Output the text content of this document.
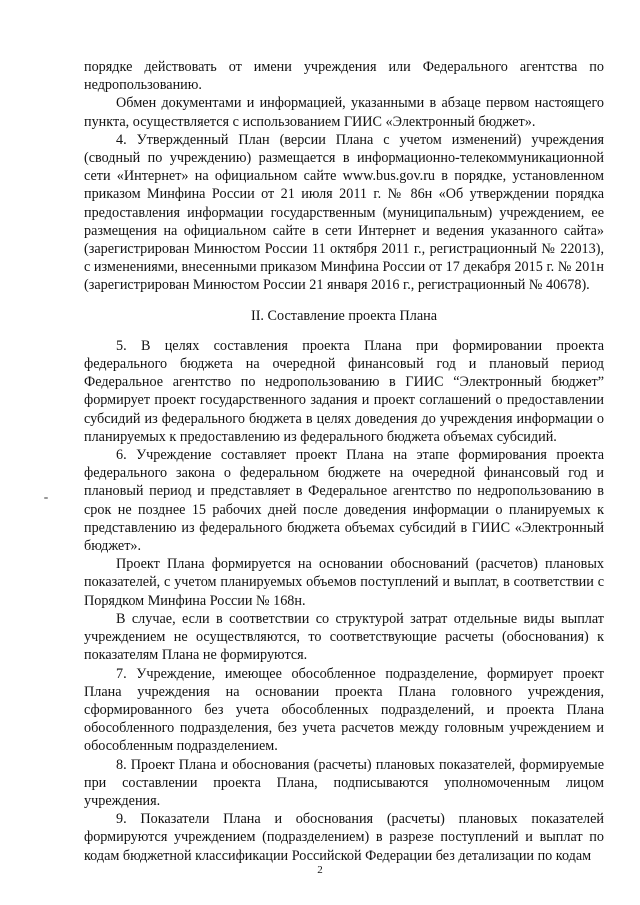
порядке действовать от имени учреждения или Федерального агентства по недропользованию.

Обмен документами и информацией, указанными в абзаце первом настоящего пункта, осуществляется с использованием ГИИС «Электронный бюджет».

4. Утвержденный План (версии Плана с учетом изменений) учреждения (сводный по учреждению) размещается в информационно-телекоммуникационной сети «Интернет» на официальном сайте www.bus.gov.ru в порядке, установленном приказом Минфина России от 21 июля 2011 г. № 86н «Об утверждении порядка предоставления информации государственным (муниципальным) учреждением, ее размещения на официальном сайте в сети Интернет и ведения указанного сайта» (зарегистрирован Минюстом России 11 октября 2011 г., регистрационный № 22013), с изменениями, внесенными приказом Минфина России от 17 декабря 2015 г. № 201н (зарегистрирован Минюстом России 21 января 2016 г., регистрационный № 40678).

II. Составление проекта Плана

5. В целях составления проекта Плана при формировании проекта федерального бюджета на очередной финансовый год и плановый период Федеральное агентство по недропользованию в ГИИС “Электронный бюджет” формирует проект государственного задания и проект соглашений о предоставлении субсидий из федерального бюджета в целях доведения до учреждения информации о планируемых к предоставлению из федерального бюджета объемах субсидий.

6. Учреждение составляет проект Плана на этапе формирования проекта федерального закона о федеральном бюджете на очередной финансовый год и плановый период и представляет в Федеральное агентство по недропользованию в срок не позднее 15 рабочих дней после доведения информации о планируемых к представлению из федерального бюджета объемах субсидий в ГИИС «Электронный бюджет».

Проект Плана формируется на основании обоснований (расчетов) плановых показателей, с учетом планируемых объемов поступлений и выплат, в соответствии с Порядком Минфина России № 168н.

В случае, если в соответствии со структурой затрат отдельные виды выплат учреждением не осуществляются, то соответствующие расчеты (обоснования) к показателям Плана не формируются.

7. Учреждение, имеющее обособленное подразделение, формирует проект Плана учреждения на основании проекта Плана головного учреждения, сформированного без учета обособленных подразделений, и проекта Плана обособленного подразделения, без учета расчетов между головным учреждением и обособленным подразделением.

8. Проект Плана и обоснования (расчеты) плановых показателей, формируемые при составлении проекта Плана, подписываются уполномоченным лицом учреждения.

9. Показатели Плана и обоснования (расчеты) плановых показателей формируются учреждением (подразделением) в разрезе поступлений и выплат по кодам бюджетной классификации Российской Федерации без детализации по кодам

2
